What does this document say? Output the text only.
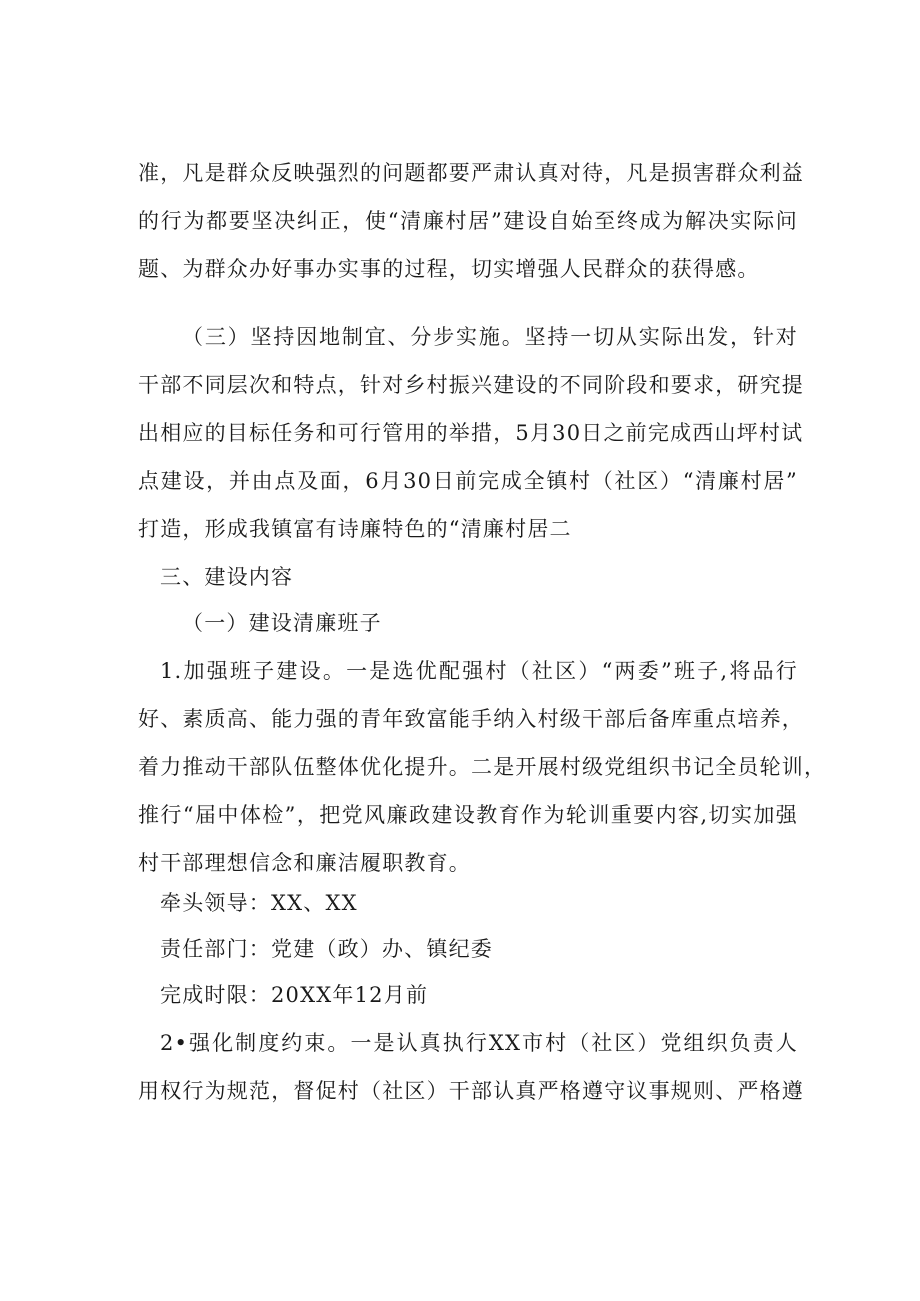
准，凡是群众反映强烈的问题都要严肃认真对待，凡是损害群众利益
的行为都要坚决纠正，使“清廉村居”建设自始至终成为解决实际问
题、为群众办好事办实事的过程，切实增强人民群众的获得感。
（三）坚持因地制宜、分步实施。坚持一切从实际出发，针对
干部不同层次和特点，针对乡村振兴建设的不同阶段和要求，研究提
出相应的目标任务和可行管用的举措，5月30日之前完成西山坪村试
点建设，并由点及面，6月30日前完成全镇村（社区）“清廉村居”
打造，形成我镇富有诗廉特色的“清廉村居二
三、建设内容
（一）建设清廉班子
1.加强班子建设。一是选优配强村（社区）“两委”班子,将品行
好、素质高、能力强的青年致富能手纳入村级干部后备库重点培养，
着力推动干部队伍整体优化提升。二是开展村级党组织书记全员轮训，
推行“届中体检”，把党风廉政建设教育作为轮训重要内容,切实加强
村干部理想信念和廉洁履职教育。
牵头领导：XX、XX
责任部门：党建（政）办、镇纪委
完成时限：20XX年12月前
2•强化制度约束。一是认真执行XX市村（社区）党组织负责人
用权行为规范，督促村（社区）干部认真严格遵守议事规则、严格遵
